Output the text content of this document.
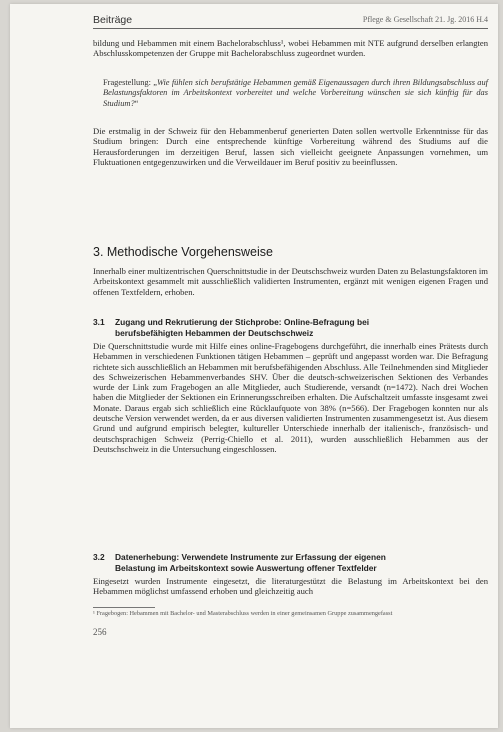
Beiträge	Pflege & Gesellschaft 21. Jg. 2016 H.4

bildung und Hebammen mit einem Bachelorabschluss¹, wobei Hebammen mit NTE aufgrund derselben erlangten Abschlusskompetenzen der Gruppe mit Bachelorabschluss zugeordnet wurden.

Fragestellung: „Wie fühlen sich berufstätige Hebammen gemäß Eigenaussagen durch ihren Bildungsabschluss auf Belastungsfaktoren im Arbeitskontext vorbereitet und welche Vorbereitung wünschen sie sich künftig für das Studium?“

Die erstmalig in der Schweiz für den Hebammenberuf generierten Daten sollen wertvolle Erkenntnisse für das Studium bringen: Durch eine entsprechende künftige Vorbereitung während des Studiums auf die Herausforderungen im derzeitigen Beruf, lassen sich vielleicht geeignete Anpassungen vornehmen, um Fluktuationen entgegenzuwirken und die Verweildauer im Beruf positiv zu beeinflussen.

3. Methodische Vorgehensweise

Innerhalb einer multizentrischen Querschnittstudie in der Deutschschweiz wurden Daten zu Belastungsfaktoren im Arbeitskontext gesammelt mit ausschließlich validierten Instrumenten, ergänzt mit wenigen eigenen Fragen und offenen Textfeldern, erhoben.

3.1 Zugang und Rekrutierung der Stichprobe: Online-Befragung bei
berufsbefähigten Hebammen der Deutschschweiz

Die Querschnittstudie wurde mit Hilfe eines online-Fragebogens durchgeführt, die innerhalb eines Prätests durch Hebammen in verschiedenen Funktionen tätigen Hebammen – geprüft und angepasst worden war. Die Befragung richtete sich ausschließlich an Hebammen mit berufsbefähigenden Abschluss. Alle Teilnehmenden sind Mitglieder des Schweizerischen Hebammenverbandes SHV. Über die deutsch-schweizerischen Sektionen des Verbandes wurde der Link zum Fragebogen an alle Mitglieder, auch Studierende, versandt (n=1472). Nach drei Wochen haben die Mitglieder der Sektionen ein Erinnerungsschreiben erhalten. Die Aufschaltzeit umfasste insgesamt zwei Monate. Daraus ergab sich schließlich eine Rücklaufquote von 38% (n=566). Der Fragebogen konnten nur als deutsche Version verwendet werden, da er aus diversen validierten Instrumenten zusammengesetzt ist. Aus diesem Grund und aufgrund empirisch belegter, kultureller Unterschiede innerhalb der italienisch-, französisch- und deutschsprachigen Schweiz (Perrig-Chiello et al. 2011), wurden ausschließlich Hebammen aus der Deutschschweiz in die Untersuchung eingeschlossen.

3.2 Datenerhebung: Verwendete Instrumente zur Erfassung der eigenen
Belastung im Arbeitskontext sowie Auswertung offener Textfelder

Eingesetzt wurden Instrumente eingesetzt, die literaturgestützt die Belastung im Arbeitskontext bei den Hebammen möglichst umfassend erhoben und gleichzeitig auch

¹ Fragebogen: Hebammen mit Bachelor- und Masterabschluss werden in einer gemeinsamen Gruppe zusammengefasst
256
